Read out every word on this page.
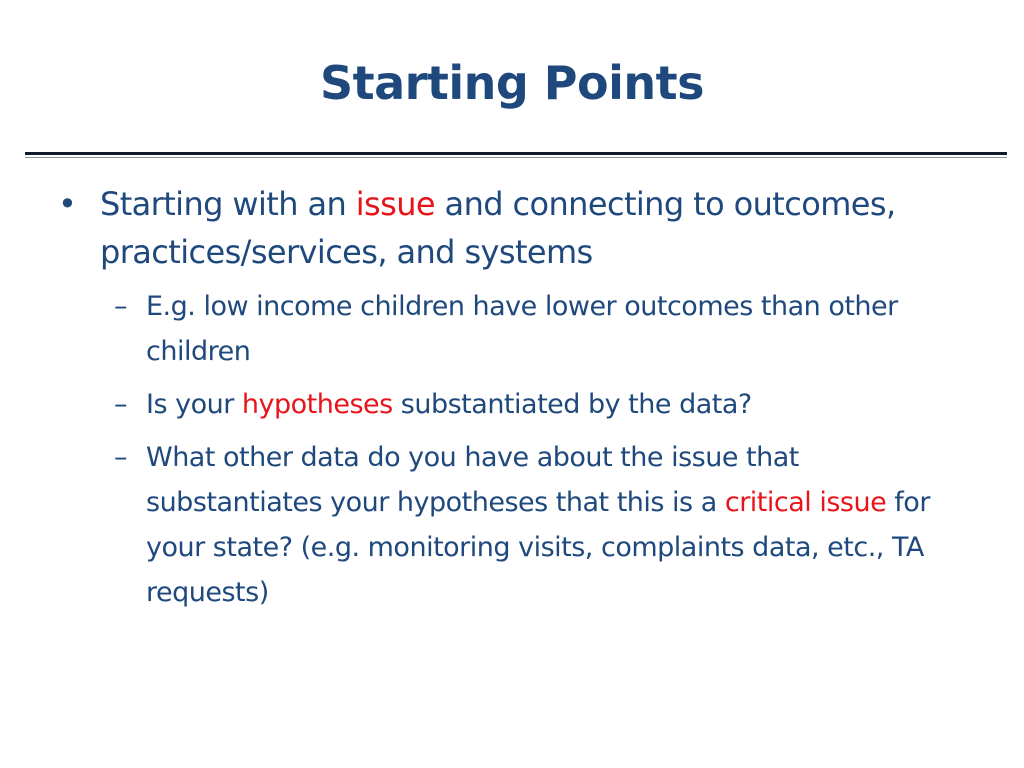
Starting Points
• Starting with an issue and connecting to outcomes, practices/services, and systems
– E.g. low income children have lower outcomes than other children
– Is your hypotheses substantiated by the data?
– What other data do you have about the issue that substantiates your hypotheses that this is a critical issue for your state? (e.g. monitoring visits, complaints data, etc., TA requests)
